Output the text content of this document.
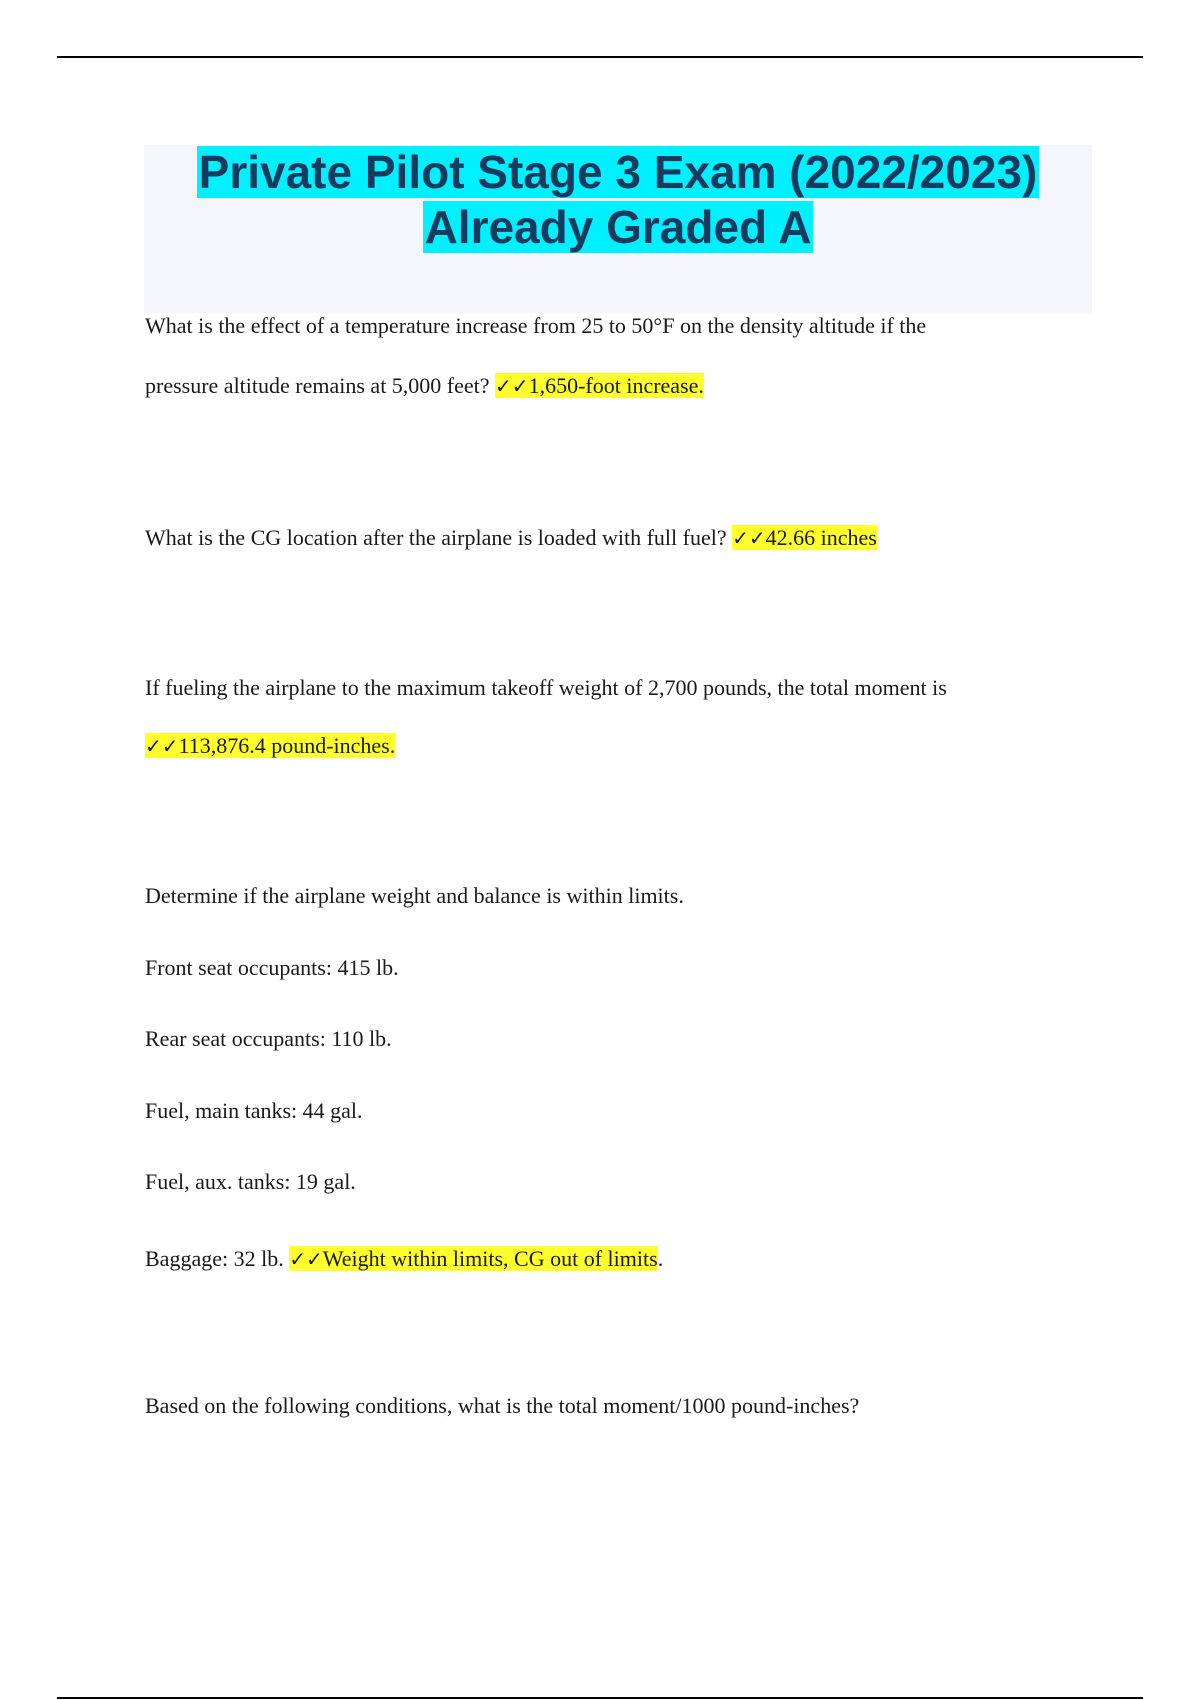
Private Pilot Stage 3 Exam (2022/2023)
Already Graded A
What is the effect of a temperature increase from 25 to 50°F on the density altitude if the
pressure altitude remains at 5,000 feet? ✓✓1,650-foot increase.
What is the CG location after the airplane is loaded with full fuel? ✓✓42.66 inches
If fueling the airplane to the maximum takeoff weight of 2,700 pounds, the total moment is
✓✓113,876.4 pound-inches.
Determine if the airplane weight and balance is within limits.
Front seat occupants: 415 lb.
Rear seat occupants: 110 lb.
Fuel, main tanks: 44 gal.
Fuel, aux. tanks: 19 gal.
Baggage: 32 lb. ✓✓Weight within limits, CG out of limits.
Based on the following conditions, what is the total moment/1000 pound-inches?
